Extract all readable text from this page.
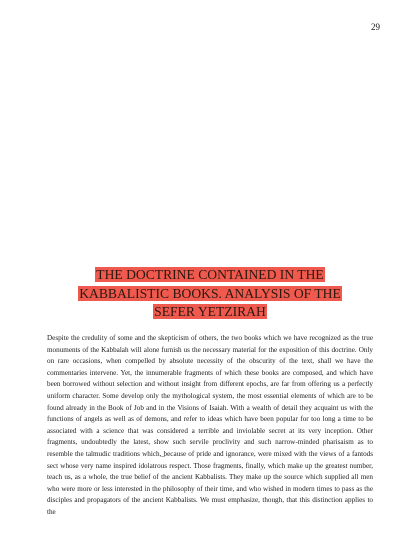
29
THE DOCTRINE CONTAINED IN THE
KABBALISTIC BOOKS. ANALYSIS OF THE
SEFER YETZIRAH
Despite the credulity of some and the skepticism of others, the two books which we have recognized as the true monuments of the Kabbalah will alone furnish us the necessary material for the exposition of this doctrine. Only on rare occasions, when compelled by absolute necessity of the obscurity of the text, shall we have the commentaries intervene. Yet, the innumerable fragments of which these books are composed, and which have been borrowed without selection and without insight from different epochs, are far from offering us a perfectly uniform character. Some develop only the mythological system, the most essential elements of which are to be found already in the Book of Job and in the Visions of Isaiah. With a wealth of detail they acquaint us with the functions of angels as well as of demons, and refer to ideas which have been popular for too long a time to be associated with a science that was considered a terrible and inviolable secret at its very inception. Other fragments, undoubtedly the latest, show such servile proclivity and such narrow-minded pharisaism as to resemble the talmudic traditions which, ̲because of pride and ignorance, were mixed with the views of a fantods sect whose very name inspired idolatrous respect. Those fragments, finally, which make up the greatest number, teach us, as a whole, the true belief of the ancient Kabbalists. They make up the source which supplied all men who were more or less interested in the philosophy of their time, and who wished in modern times to pass as the disciples and propagators of the ancient Kabbalists. We must emphasize, though, that this distinction applies to the
